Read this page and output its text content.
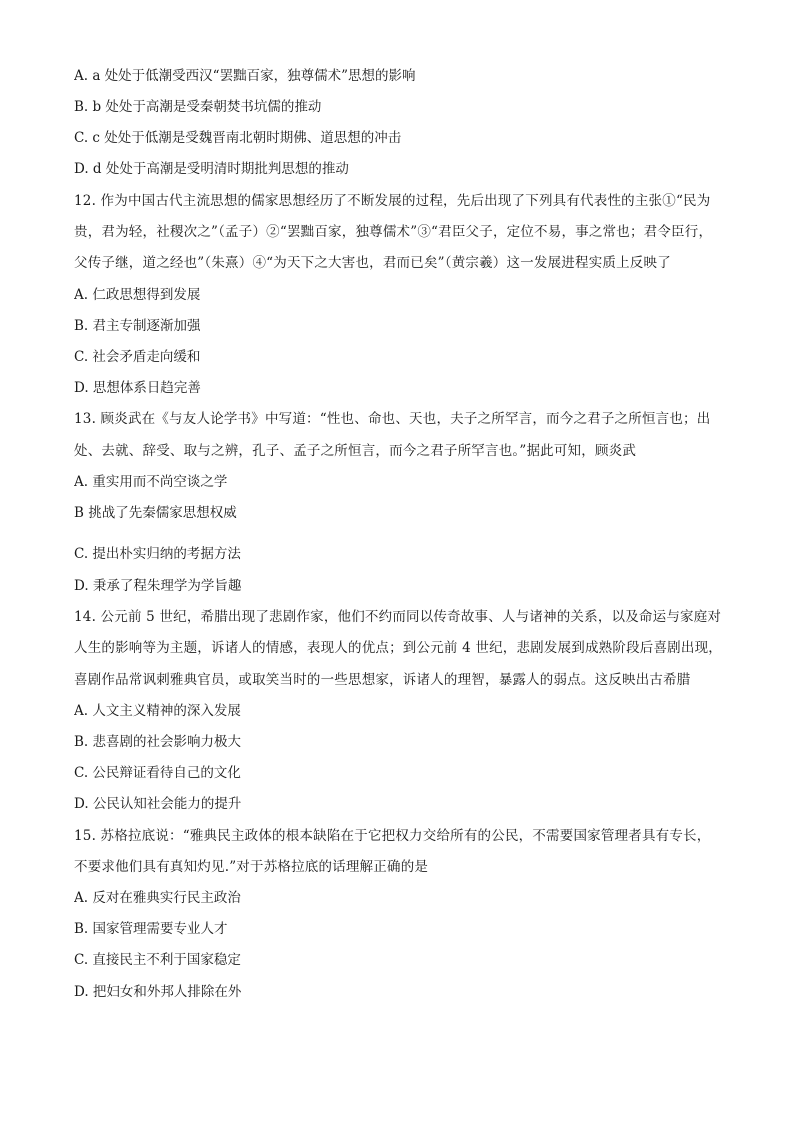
A. a 处处于低潮受西汉“罢黜百家，独尊儒术”思想的影响
B. b 处处于高潮是受秦朝焚书坑儒的推动
C. c 处处于低潮是受魏晋南北朝时期佛、道思想的冲击
D. d 处处于高潮是受明清时期批判思想的推动
12. 作为中国古代主流思想的儒家思想经历了不断发展的过程，先后出现了下列具有代表性的主张①“民为
贵，君为轻，社稷次之”（孟子）②“罢黜百家，独尊儒术”③“君臣父子，定位不易，事之常也；君令臣行，
父传子继，道之经也”（朱熹）④“为天下之大害也，君而已矣”（黄宗羲）这一发展进程实质上反映了
A. 仁政思想得到发展
B. 君主专制逐渐加强
C. 社会矛盾走向缓和
D. 思想体系日趋完善
13. 顾炎武在《与友人论学书》中写道：“性也、命也、天也，夫子之所罕言，而今之君子之所恒言也；出
处、去就、辞受、取与之辨，孔子、孟子之所恒言，而今之君子所罕言也。”据此可知，顾炎武
A. 重实用而不尚空谈之学
B 挑战了先秦儒家思想权威
C. 提出朴实归纳的考据方法
D. 秉承了程朱理学为学旨趣
14. 公元前 5 世纪，希腊出现了悲剧作家，他们不约而同以传奇故事、人与诸神的关系，以及命运与家庭对
人生的影响等为主题，诉诸人的情感，表现人的优点；到公元前 4 世纪，悲剧发展到成熟阶段后喜剧出现，
喜剧作品常讽刺雅典官员，或取笑当时的一些思想家，诉诸人的理智，暴露人的弱点。这反映出古希腊
A. 人文主义精神的深入发展
B. 悲喜剧的社会影响力极大
C. 公民辩证看待自己的文化
D. 公民认知社会能力的提升
15. 苏格拉底说：“雅典民主政体的根本缺陷在于它把权力交给所有的公民，不需要国家管理者具有专长，
不要求他们具有真知灼见.”对于苏格拉底的话理解正确的是
A. 反对在雅典实行民主政治
B. 国家管理需要专业人才
C. 直接民主不利于国家稳定
D. 把妇女和外邦人排除在外
